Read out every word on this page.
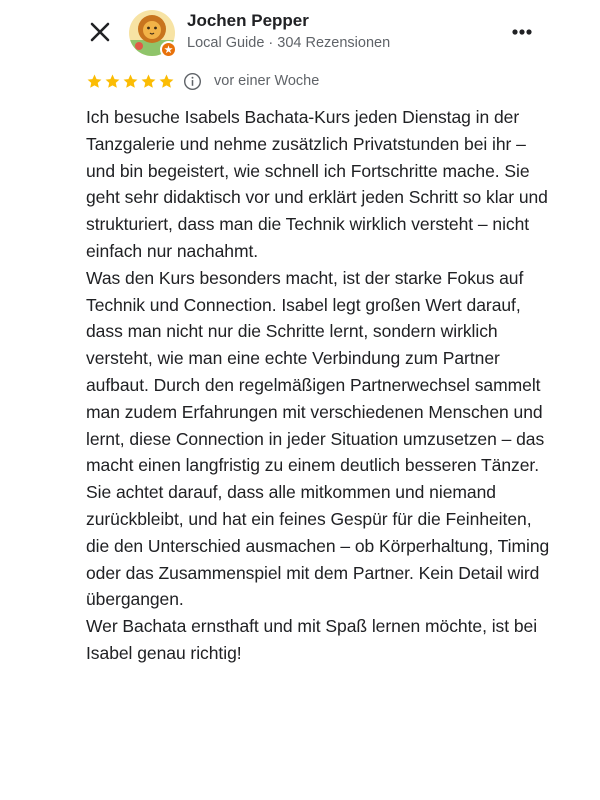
Jochen Pepper
Local Guide · 304 Rezensionen
vor einer Woche
Ich besuche Isabels Bachata-Kurs jeden Dienstag in der Tanzgalerie und nehme zusätzlich Privatstunden bei ihr – und bin begeistert, wie schnell ich Fortschritte mache. Sie geht sehr didaktisch vor und erklärt jeden Schritt so klar und strukturiert, dass man die Technik wirklich versteht – nicht einfach nur nachahmt.
Was den Kurs besonders macht, ist der starke Fokus auf Technik und Connection. Isabel legt großen Wert darauf, dass man nicht nur die Schritte lernt, sondern wirklich versteht, wie man eine echte Verbindung zum Partner aufbaut. Durch den regelmäßigen Partnerwechsel sammelt man zudem Erfahrungen mit verschiedenen Menschen und lernt, diese Connection in jeder Situation umzusetzen – das macht einen langfristig zu einem deutlich besseren Tänzer.
Sie achtet darauf, dass alle mitkommen und niemand zurückbleibt, und hat ein feines Gespür für die Feinheiten, die den Unterschied ausmachen – ob Körperhaltung, Timing oder das Zusammenspiel mit dem Partner. Kein Detail wird übergangen.
Wer Bachata ernsthaft und mit Spaß lernen möchte, ist bei Isabel genau richtig!
